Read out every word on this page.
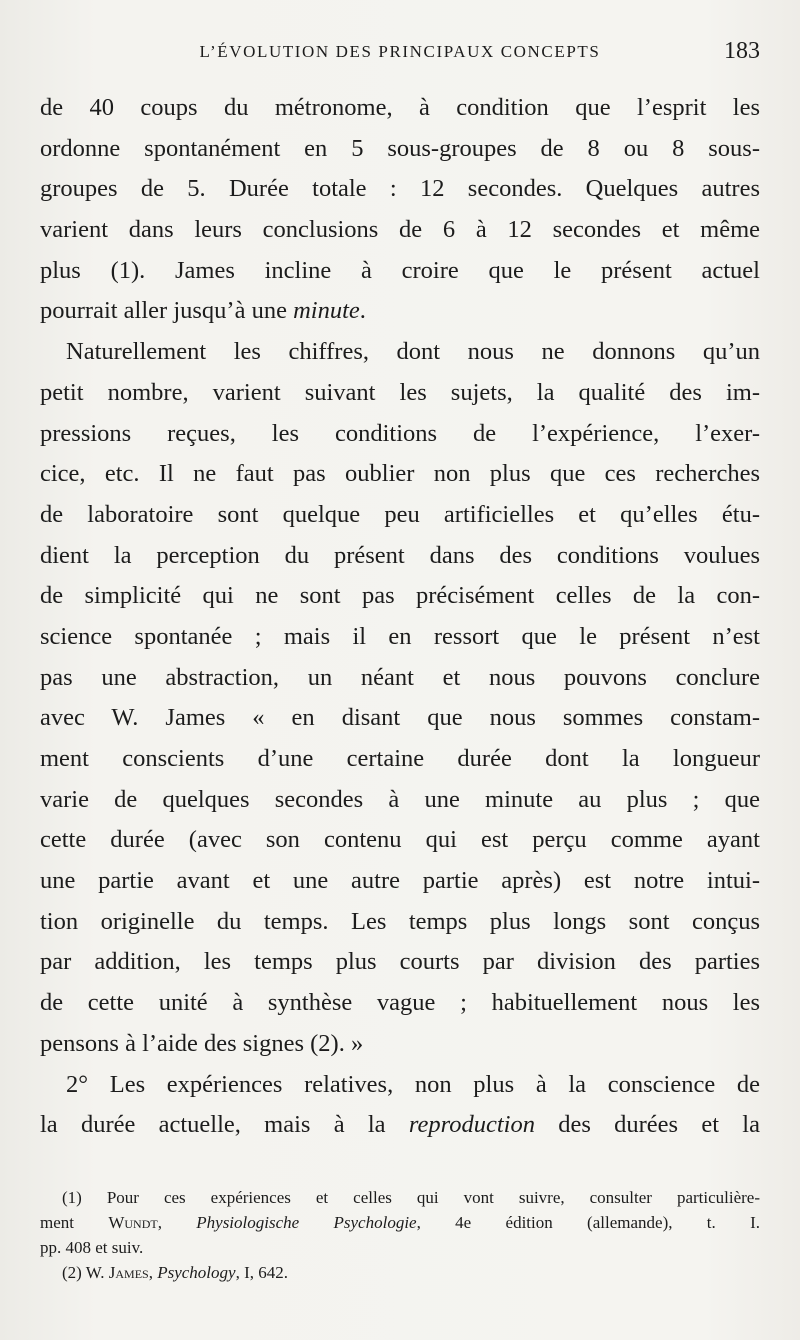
L’ÉVOLUTION DES PRINCIPAUX CONCEPTS	183
de 40 coups du métronome, à condition que l’esprit les
ordonne spontanément en 5 sous-groupes de 8 ou 8 sous-
groupes de 5. Durée totale : 12 secondes. Quelques autres
varient dans leurs conclusions de 6 à 12 secondes et même
plus (1). James incline à croire que le présent actuel
pourrait aller jusqu’à une minute.
Naturellement les chiffres, dont nous ne donnons qu’un
petit nombre, varient suivant les sujets, la qualité des im-
pressions reçues, les conditions de l’expérience, l’exer-
cice, etc. Il ne faut pas oublier non plus que ces recherches
de laboratoire sont quelque peu artificielles et qu’elles étu-
dient la perception du présent dans des conditions voulues
de simplicité qui ne sont pas précisément celles de la con-
science spontanée ; mais il en ressort que le présent n’est
pas une abstraction, un néant et nous pouvons conclure
avec W. James « en disant que nous sommes constam-
ment conscients d’une certaine durée dont la longueur
varie de quelques secondes à une minute au plus ; que
cette durée (avec son contenu qui est perçu comme ayant
une partie avant et une autre partie après) est notre intui-
tion originelle du temps. Les temps plus longs sont conçus
par addition, les temps plus courts par division des parties
de cette unité à synthèse vague ; habituellement nous les
pensons à l’aide des signes (2). »
2° Les expériences relatives, non plus à la conscience de
la durée actuelle, mais à la reproduction des durées et la
(1) Pour ces expériences et celles qui vont suivre, consulter particulière-
ment Wundt, Physiologische Psychologie, 4e édition (allemande), t. I.
pp. 408 et suiv.
(2) W. James, Psychology, I, 642.
